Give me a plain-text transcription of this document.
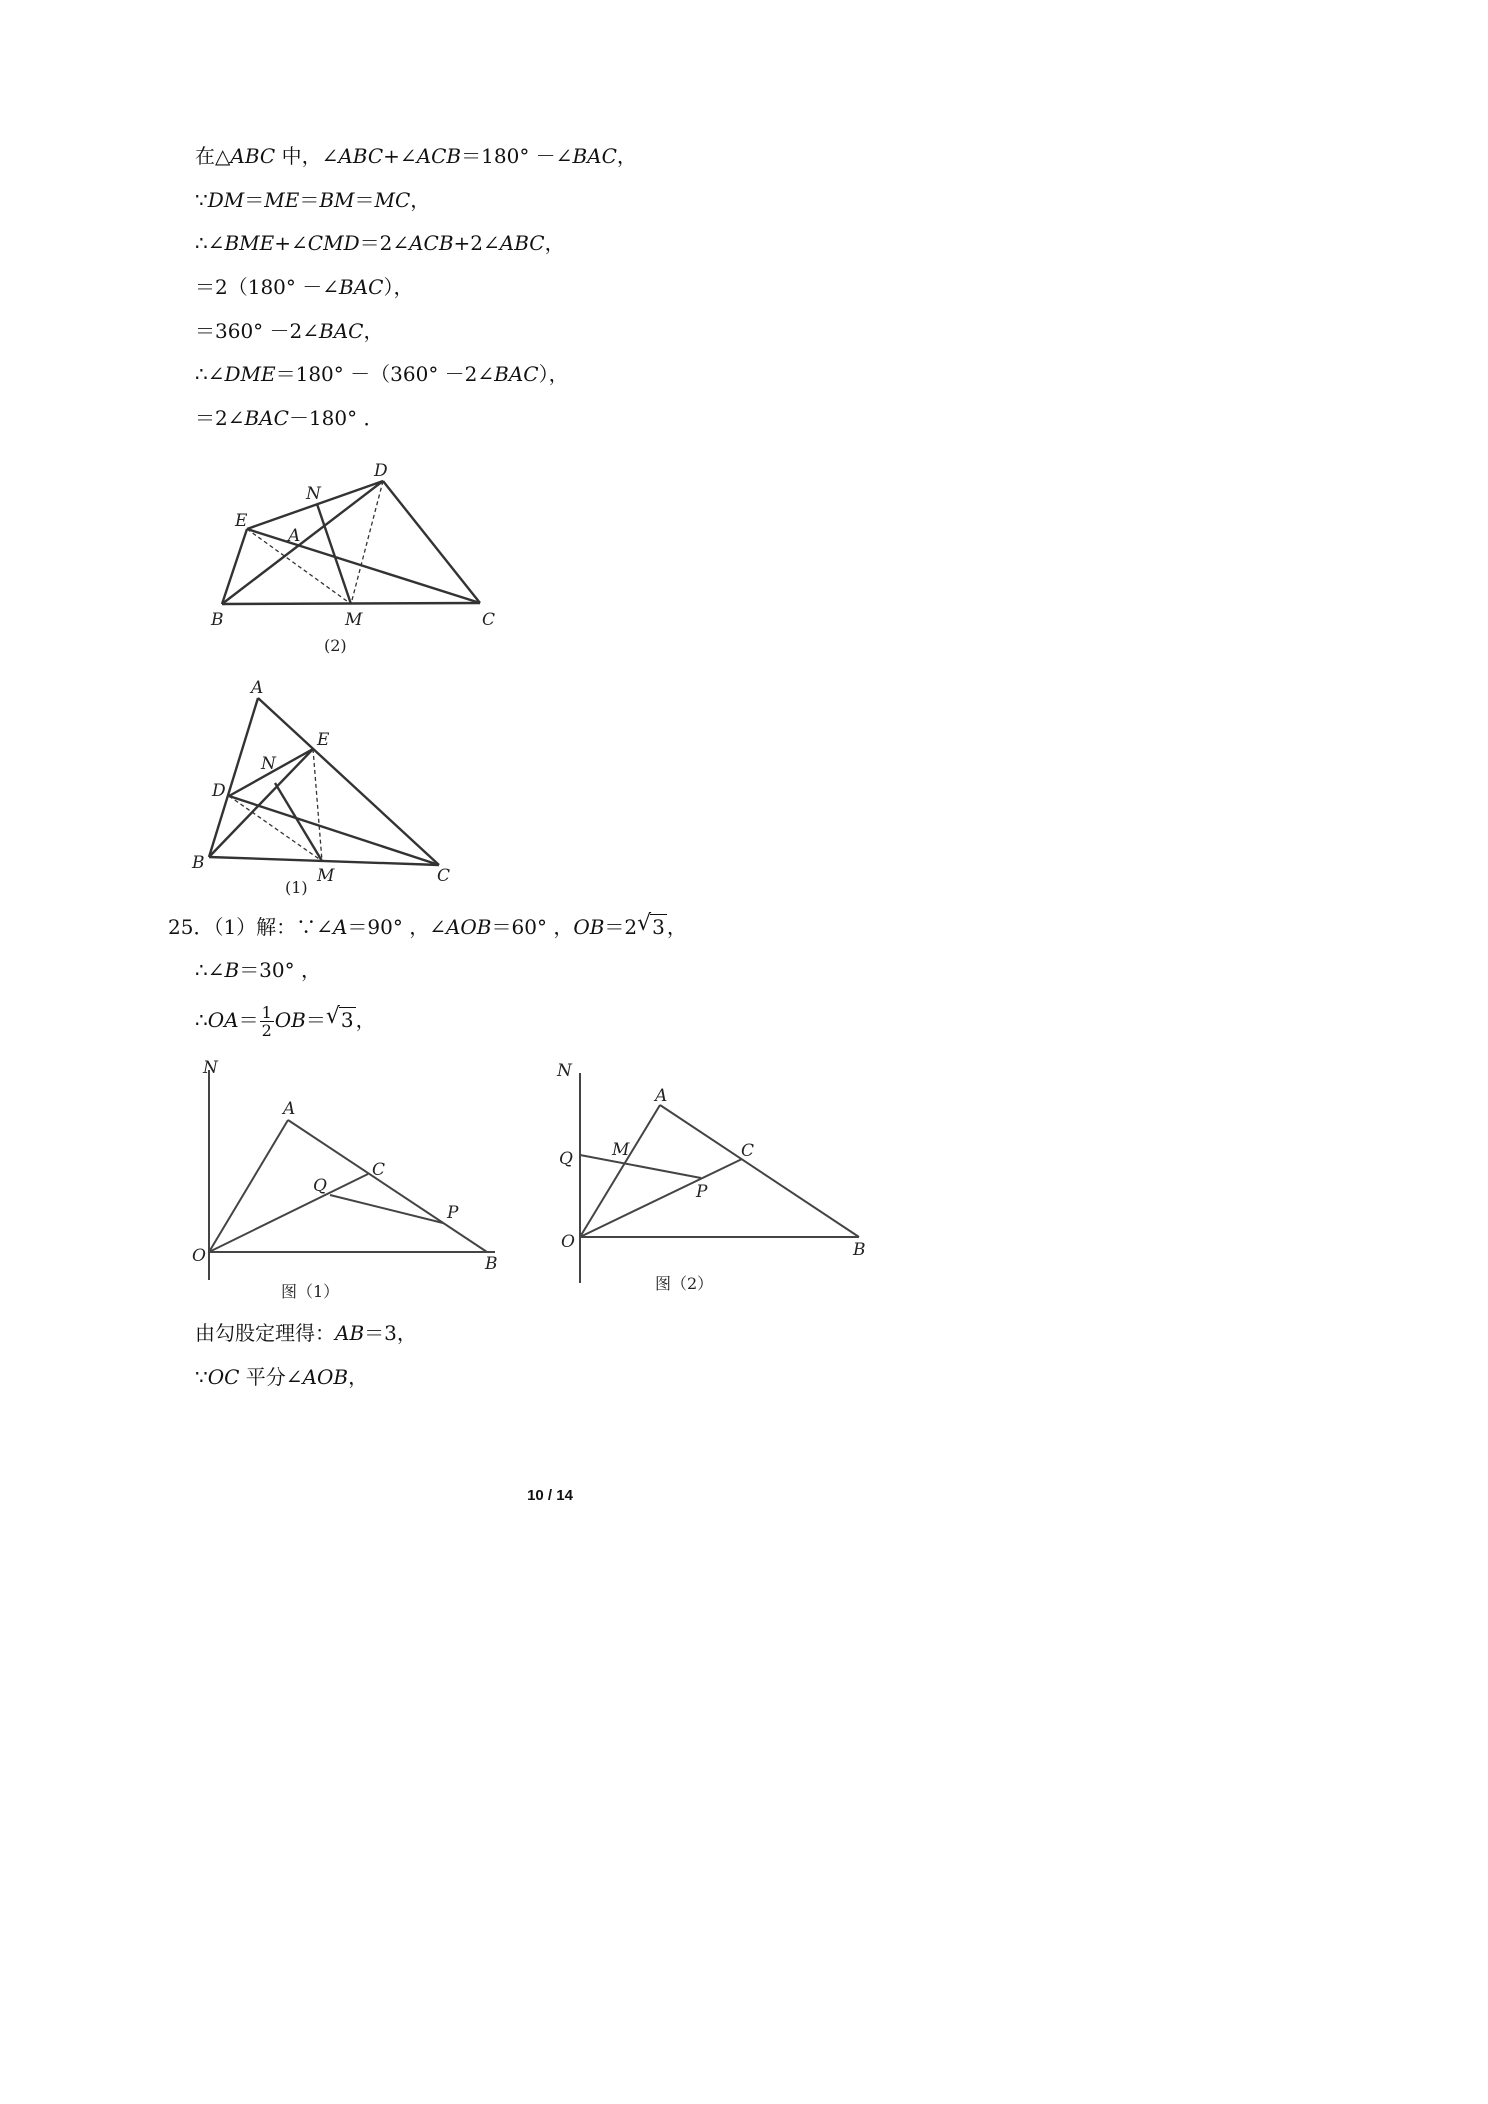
在△ABC 中，∠ABC+∠ACB＝180° －∠BAC，
∵DM＝ME＝BM＝MC，
∴∠BME+∠CMD＝2∠ACB+2∠ABC，
＝2（180° －∠BAC），
＝360° －2∠BAC，
∴∠DME＝180° －（360° －2∠BAC），
＝2∠BAC－180° ．
D
N
E
A
B	M	C
(2)
A
E
N
D
B
M	C
(1)
25．（1）解：∵∠A＝90° ，∠AOB＝60° ，OB＝2 √ 3 ，
∴∠B＝30° ，
∴OA＝ $\frac{1}{2} OB=$ √ 3 ，
N
A
C
Q
P
O	B
图（1）
N
A
M	C
Q
P
O	B
图（2）
由勾股定理得：AB＝3，
∵OC 平分∠AOB，
10 / 14
